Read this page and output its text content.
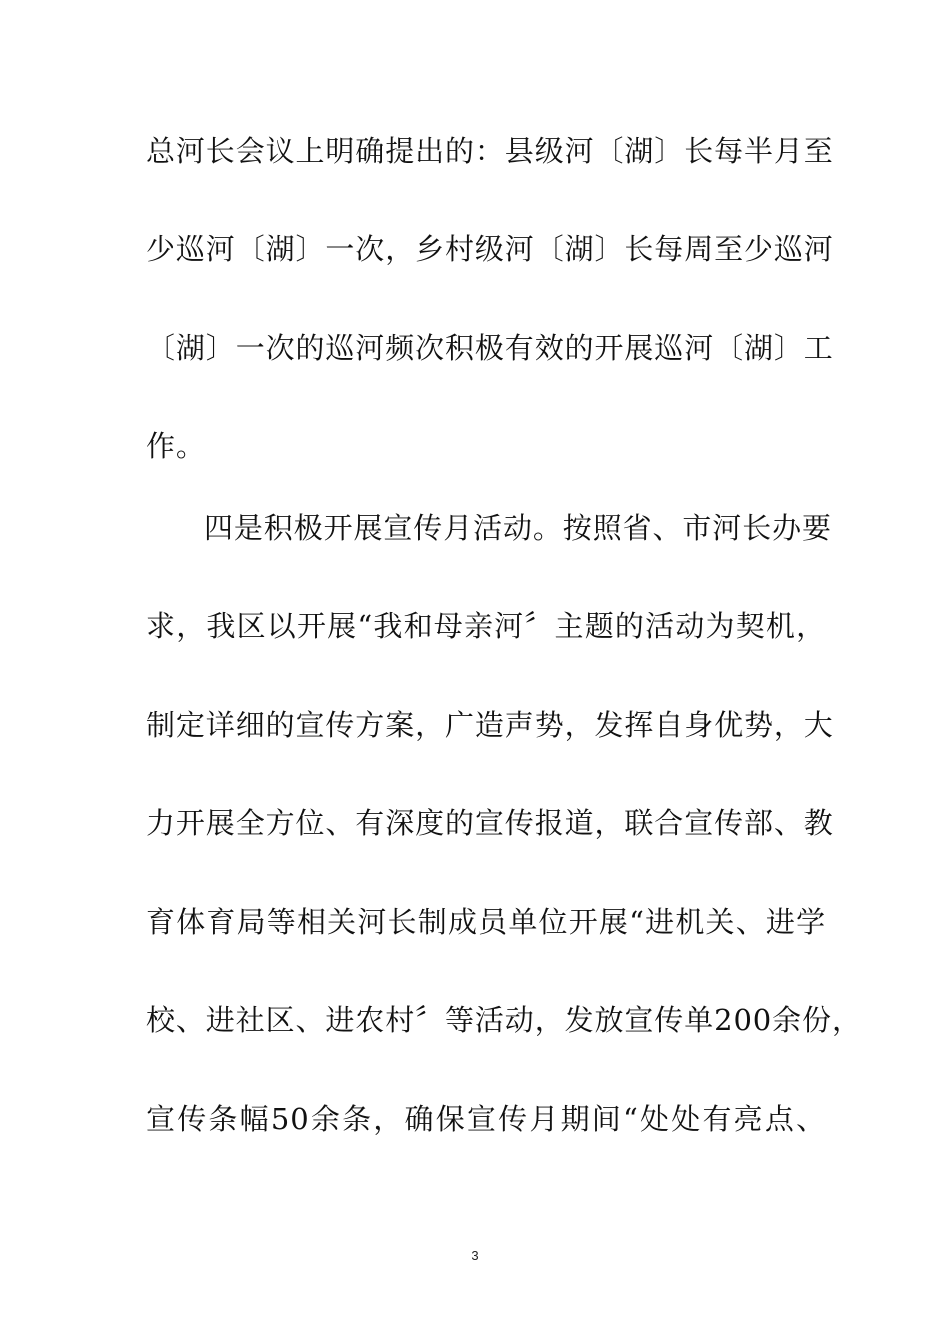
总河长会议上明确提出的：县级河〔湖〕长每半月至
少巡河〔湖〕一次，乡村级河〔湖〕长每周至少巡河
〔湖〕一次的巡河频次积极有效的开展巡河〔湖〕工
作。
四是积极开展宣传月活动。按照省、市河长办要
求，我区以开展“我和母亲河〞主题的活动为契机，
制定详细的宣传方案，广造声势，发挥自身优势，大
力开展全方位、有深度的宣传报道，联合宣传部、教
育体育局等相关河长制成员单位开展“进机关、进学
校、进社区、进农村〞等活动，发放宣传单200余份，
宣传条幅50余条，确保宣传月期间“处处有亮点、
3
